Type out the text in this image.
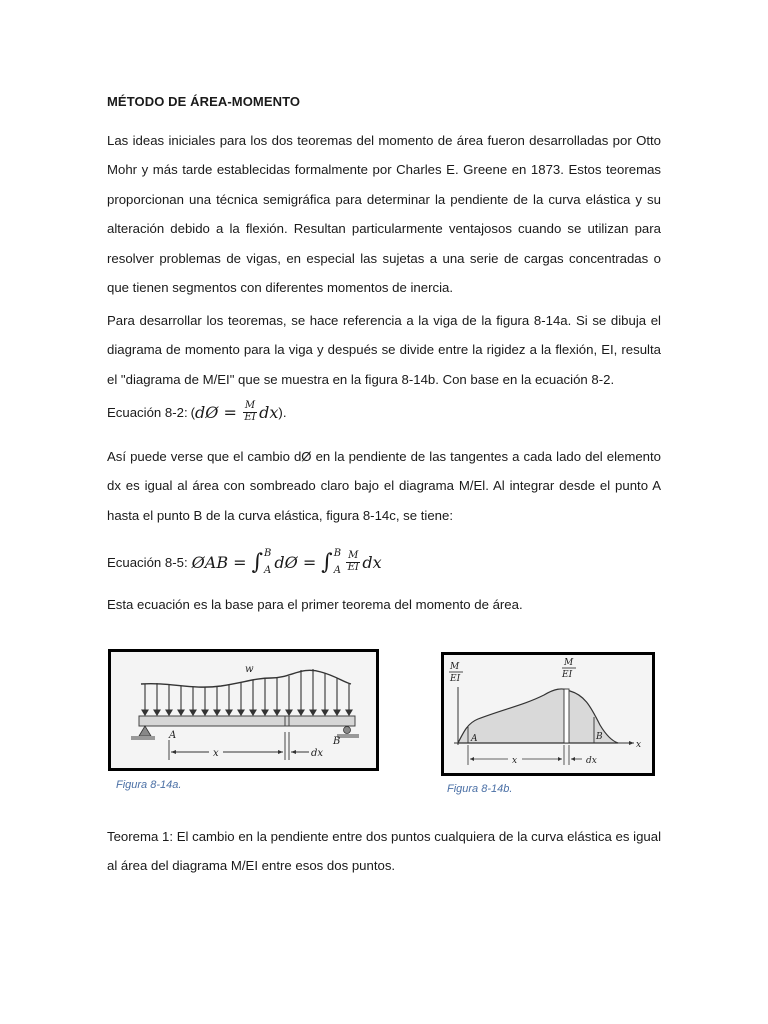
MÉTODO DE ÁREA-MOMENTO
Las ideas iniciales para los dos teoremas del momento de área fueron desarrolladas por Otto Mohr y más tarde establecidas formalmente por Charles E. Greene en 1873. Estos teoremas proporcionan una técnica semigráfica para determinar la pendiente de la curva elástica y su alteración debido a la flexión. Resultan particularmente ventajosos cuando se utilizan para resolver problemas de vigas, en especial las sujetas a una serie de cargas concentradas o que tienen segmentos con diferentes momentos de inercia.
Para desarrollar los teoremas, se hace referencia a la viga de la figura 8-14a. Si se dibuja el diagrama de momento para la viga y después se divide entre la rigidez a la flexión, EI, resulta el "diagrama de M/EI" que se muestra en la figura 8-14b. Con base en la ecuación 8-2.
Ecuación 8-2: ( dØ = $\frac{M}{EI}$ dx ).
Así puede verse que el cambio dØ en la pendiente de las tangentes a cada lado del elemento dx es igual al área con sombreado claro bajo el diagrama M/El. Al integrar desde el punto A hasta el punto B de la curva elástica, figura 8-14c, se tiene:
Ecuación 8-5: ØAB = ∫ B
A dØ = ∫ B
A $\frac{M}{EI}$ dx
Esta ecuación es la base para el primer teorema del momento de área.
w
A
B
x	dx
Figura 8-14a.
M
EI
M
EI
A	B
x
x	dx
Figura 8-14b.
Teorema 1: El cambio en la pendiente entre dos puntos cualquiera de la curva elástica es igual al área del diagrama M/EI entre esos dos puntos.
